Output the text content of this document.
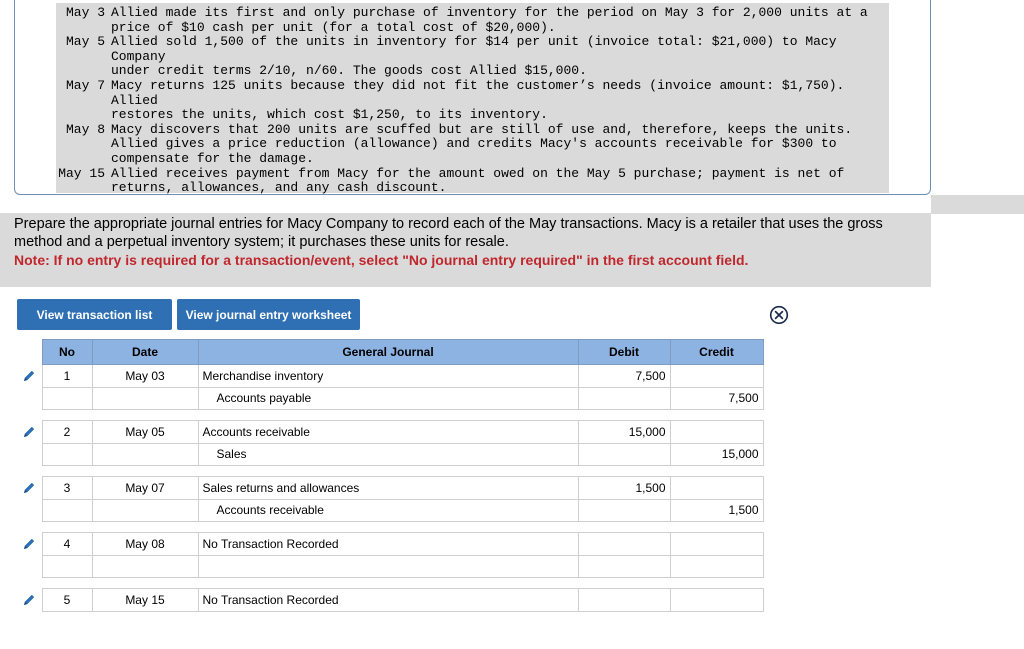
May 3 Allied made its first and only purchase of inventory for the period on May 3 for 2,000 units at a
price of $10 cash per unit (for a total cost of $20,000).
May 5 Allied sold 1,500 of the units in inventory for $14 per unit (invoice total: $21,000) to Macy Company
under credit terms 2/10, n/60. The goods cost Allied $15,000.
May 7 Macy returns 125 units because they did not fit the customer’s needs (invoice amount: $1,750). Allied
restores the units, which cost $1,250, to its inventory.
May 8 Macy discovers that 200 units are scuffed but are still of use and, therefore, keeps the units.
Allied gives a price reduction (allowance) and credits Macy's accounts receivable for $300 to
compensate for the damage.
May 15 Allied receives payment from Macy for the amount owed on the May 5 purchase; payment is net of
returns, allowances, and any cash discount.
Prepare the appropriate journal entries for Macy Company to record each of the May transactions. Macy is a retailer that uses the gross method and a perpetual inventory system; it purchases these units for resale.
Note: If no entry is required for a transaction/event, select "No journal entry required" in the first account field.
View transaction list	View journal entry worksheet
	No	Date	General Journal	Debit	Credit
	1	May 03	Merchandise inventory	7,500	
			Accounts payable		7,500

	2	May 05	Accounts receivable	15,000	
			Sales		15,000

	3	May 07	Sales returns and allowances	1,500	
			Accounts receivable		1,500

	4	May 08	No Transaction Recorded		

	5	May 15	No Transaction Recorded		
